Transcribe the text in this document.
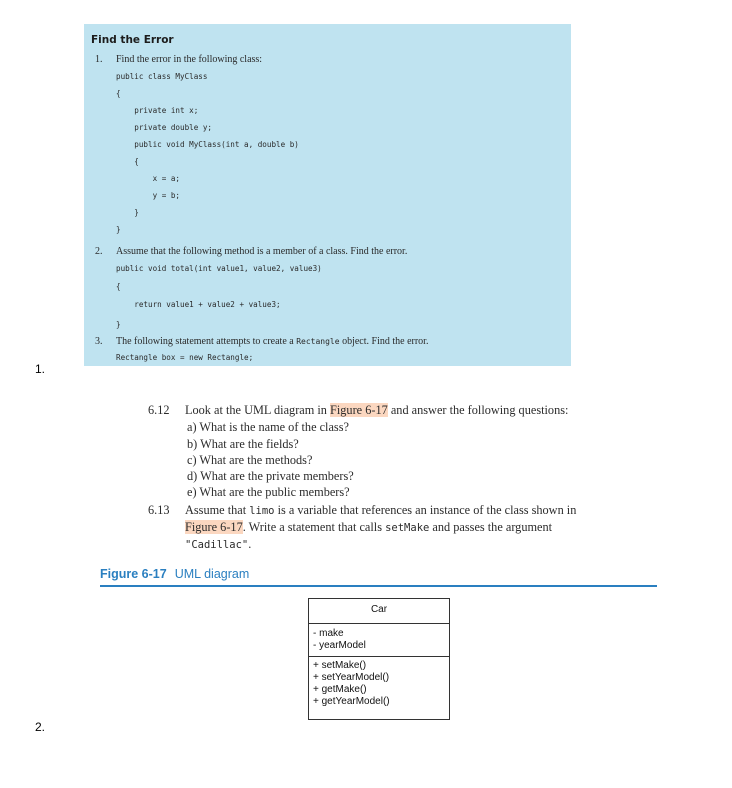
1.
2.
Find the Error
1. Find the error in the following class:
public class MyClass
{
private int x;
private double y;
public void MyClass(int a, double b)
{
x = a;
y = b;
}
}
2. Assume that the following method is a member of a class. Find the error.
public void total(int value1, value2, value3)
{
return value1 + value2 + value3;
}
3. The following statement attempts to create a Rectangle object. Find the error.
Rectangle box = new Rectangle;
6.12 Look at the UML diagram in Figure 6-17 and answer the following questions:
a) What is the name of the class?
b) What are the fields?
c) What are the methods?
d) What are the private members?
e) What are the public members?
6.13 Assume that limo is a variable that references an instance of the class shown in
Figure 6-17. Write a statement that calls setMake and passes the argument
"Cadillac".
Figure 6-17 UML diagram
Car
- make
- yearModel
+ setMake()
+ setYearModel()
+ getMake()
+ getYearModel()
